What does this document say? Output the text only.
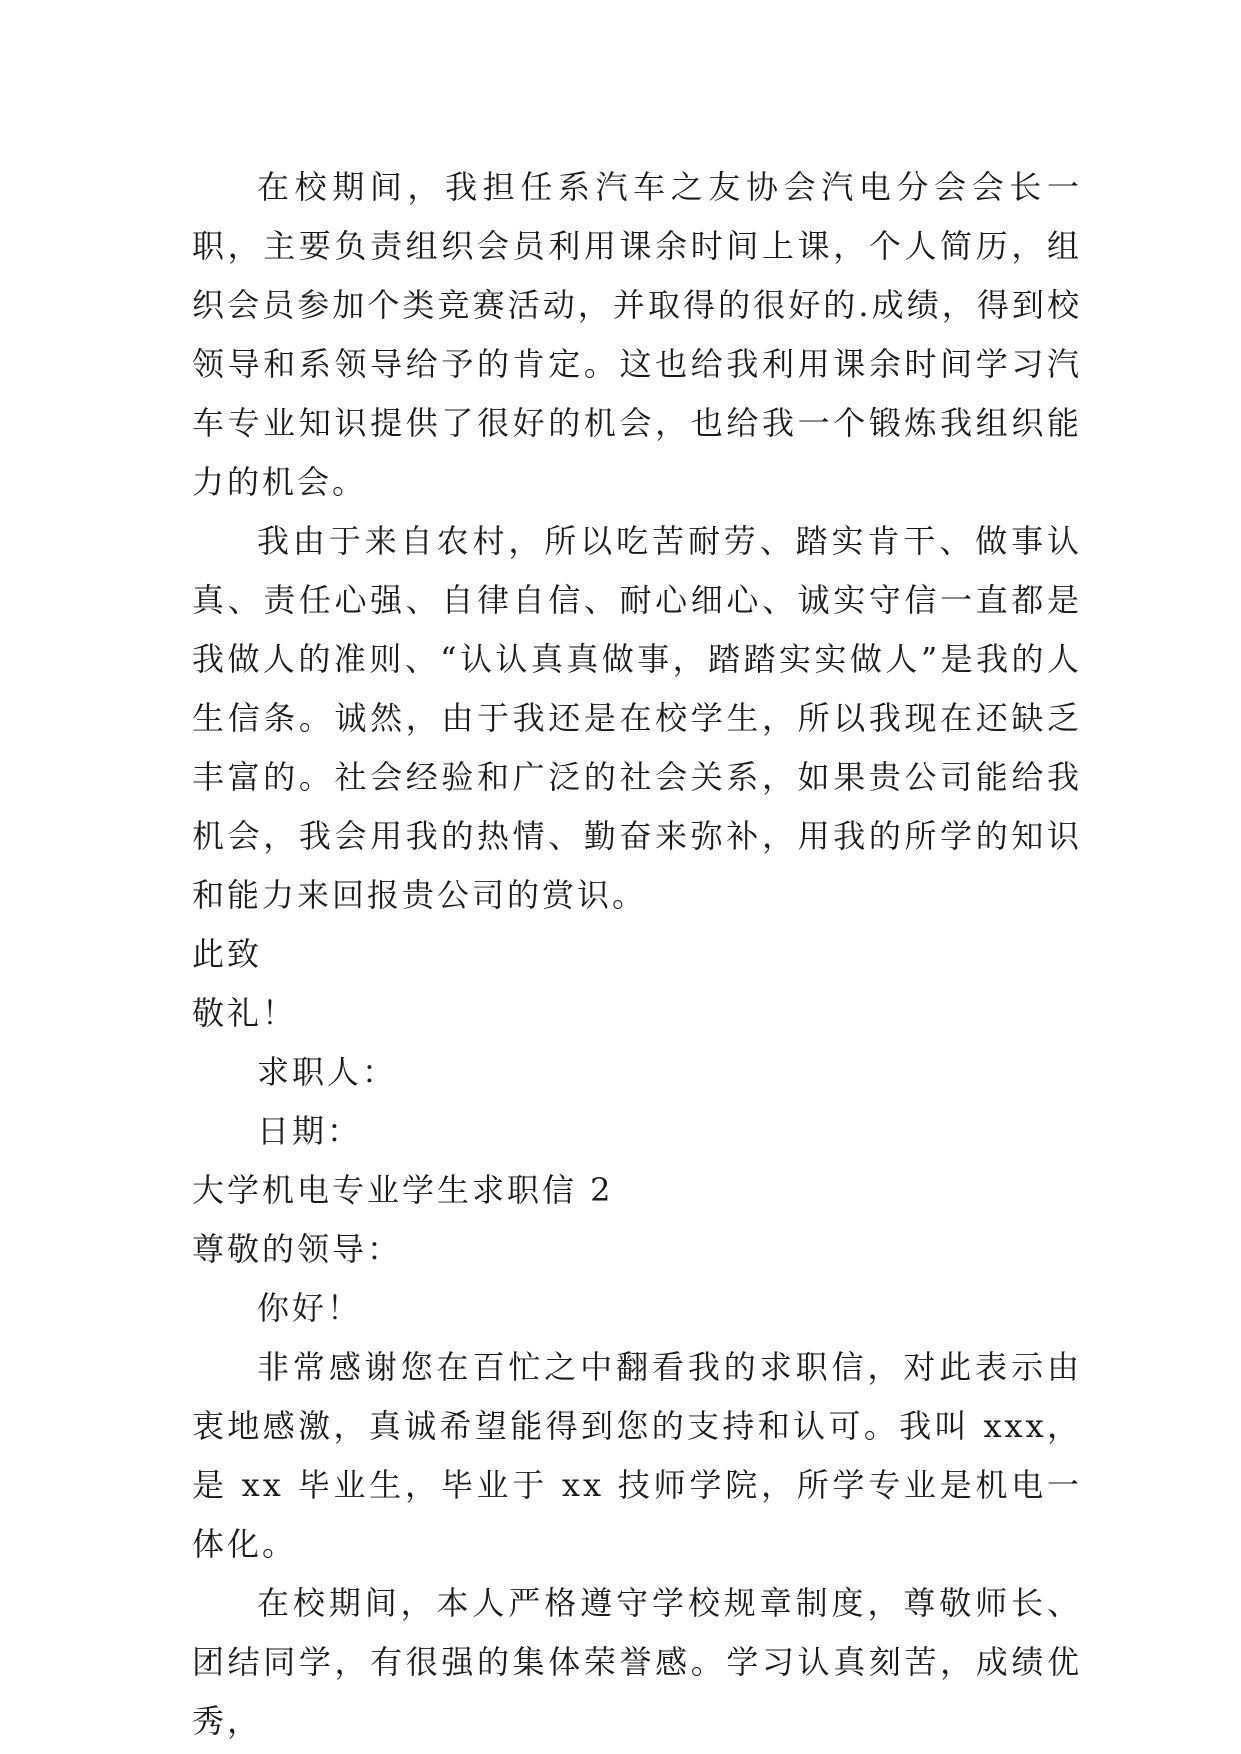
在校期间，我担任系汽车之友协会汽电分会会长一职，主要负责组织会员利用课余时间上课，个人简历，组织会员参加个类竞赛活动，并取得的很好的.成绩，得到校领导和系领导给予的肯定。这也给我利用课余时间学习汽车专业知识提供了很好的机会，也给我一个锻炼我组织能力的机会。

我由于来自农村，所以吃苦耐劳、踏实肯干、做事认真、责任心强、自律自信、耐心细心、诚实守信一直都是我做人的准则、“认认真真做事，踏踏实实做人”是我的人生信条。诚然，由于我还是在校学生，所以我现在还缺乏丰富的。社会经验和广泛的社会关系，如果贵公司能给我机会，我会用我的热情、勤奋来弥补，用我的所学的知识和能力来回报贵公司的赏识。

此致

敬礼！

求职人：

日期：

大学机电专业学生求职信 2

尊敬的领导：

你好！

非常感谢您在百忙之中翻看我的求职信，对此表示由衷地感激，真诚希望能得到您的支持和认可。我叫 xxx，是 xx 毕业生，毕业于 xx 技师学院，所学专业是机电一体化。

在校期间，本人严格遵守学校规章制度，尊敬师长、团结同学，有很强的集体荣誉感。学习认真刻苦，成绩优秀，
